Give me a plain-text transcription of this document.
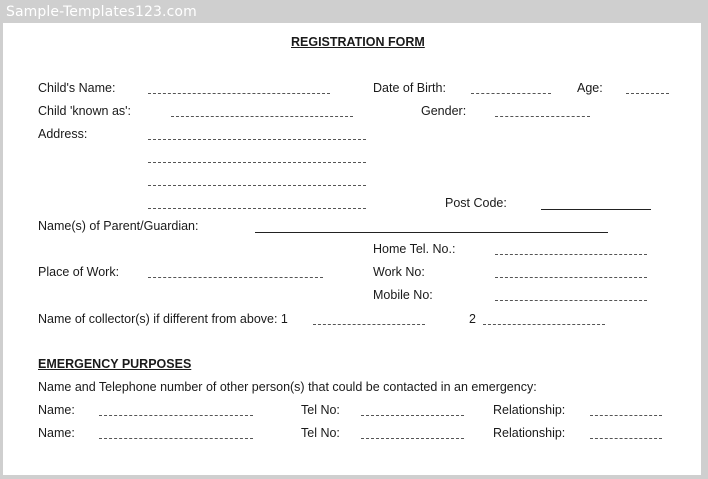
Sample-Templates123.com
REGISTRATION FORM
Child's Name:	Date of Birth:	Age:
Child 'known as':	Gender:
Address:
Post Code:
Name(s) of Parent/Guardian:
Home Tel. No.:
Place of Work:	Work No:
Mobile No:
Name of collector(s) if different from above: 1	2
EMERGENCY PURPOSES
Name and Telephone number of other person(s) that could be contacted in an emergency:
Name:	Tel No:	Relationship:
Name:	Tel No:	Relationship:
